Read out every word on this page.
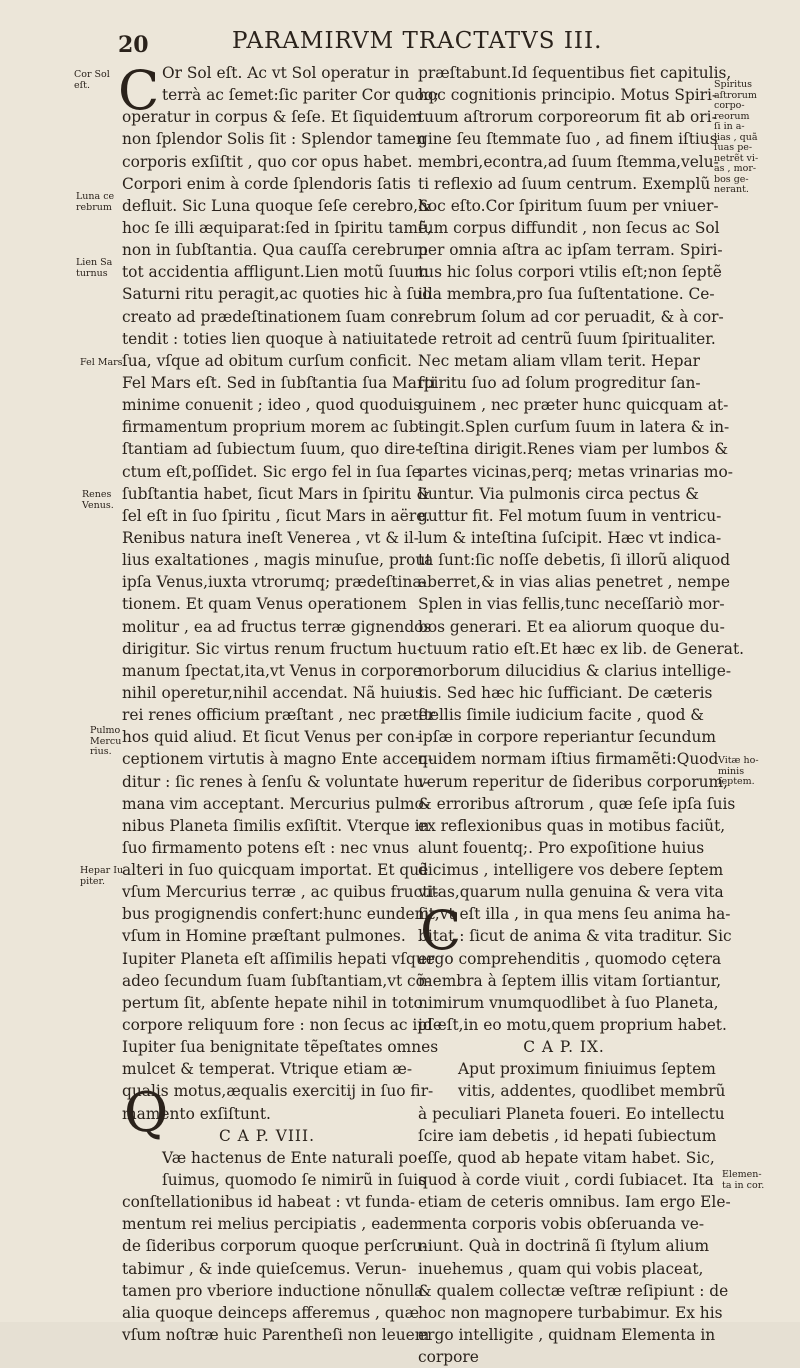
20	PARAMIRVM TRACTATVS III.
Or Sol eſt. Ac vt Sol operatur in
terrà ac ſemet:ſic pariter Cor quoq;
operatur in corpus & ſeſe. Et ſiquidem
non ſplendor Solis ſit : Splendor tamen
corporis exſiſtit , quo cor opus habet.
Corpori enim à corde ſplendoris ſatis
defluit. Sic Luna quoque ſeſe cerebro,&
hoc ſe illi æquiparat:ſed in ſpiritu tamẽ,
non in ſubſtantia. Qua cauſſa cerebrum
tot accidentia affligunt.Lien motũ ſuum
Saturni ritu peragit,ac quoties hic à ſuo
creato ad prædeſtinationem ſuam con-
tendit : toties lien quoque à natiuitate
ſua, vſque ad obitum curſum conficit.
Fel Mars eſt. Sed in ſubſtantia ſua Marti
minime conuenit ; ideo , quod quoduis
firmamentum proprium morem ac ſub-
ſtantiam ad ſubiectum ſuum, quo dire-
ctum eſt,poſſidet. Sic ergo fel in ſua ſe
ſubſtantia habet, ſicut Mars in ſpiritu &
ſel eſt in ſuo ſpiritu , ſicut Mars in aëre.
Renibus natura ineſt Venerea , vt & il-
lius exaltationes , magis minuſue, prout
ipſa Venus,iuxta vtrorumq; prædeſtina-
tionem. Et quam Venus operationem
molitur , ea ad fructus terræ gignendos
dirigitur. Sic virtus renum fructum hu-
manum ſpectat,ita,vt Venus in corpore
nihil operetur,nihil accendat. Nã huius
rei renes officium præſtant , nec præter
hos quid aliud. Et ſicut Venus per con-
ceptionem virtutis à magno Ente accen-
ditur : ſic renes à ſenſu & voluntate hu-
mana vim acceptant. Mercurius pulmo-
nibus Planeta ſimilis exſiſtit. Vterque in
ſuo firmamento potens eſt : nec vnus
alteri in ſuo quicquam importat. Et quẽ
vſum Mercurius terræ , ac quibus fructi-
bus progignendis confert:hunc eundem
vſum in Homine præſtant pulmones.
Iupiter Planeta eſt aſſimilis hepati vſque
adeo ſecundum ſuam ſubſtantiam,vt cõ-
pertum ſit, abſente hepate nihil in toto
corpore reliquum fore : non ſecus ac ipſe
Iupiter ſua benignitate tẽpeſtates omnes
mulcet & temperat. Vtrique etiam æ-
qualis motus,æqualis exercitij in ſuo fir-
mamento exſiſtunt.
C A P. VIII.
Væ hactenus de Ente naturali po-
ſuimus, quomodo ſe nimirũ in ſuis
conſtellationibus id habeat : vt funda-
mentum rei melius percipiatis , eadem
de ſideribus corporum quoque perſcru-
tabimur , & inde quieſcemus. Verun-
tamen pro vberiore inductione nõnulla
alia quoque deinceps afferemus , quæ
vſum noſtræ huic Parentheſi non leuem
præſtabunt.Id ſequentibus fiet capitulis,
hoc cognitionis principio. Motus Spiri-
tuum aſtrorum corporeorum fit ab ori-
gine ſeu ſtemmate ſuo , ad finem iſtius
membri,econtra,ad ſuum ſtemma,velu-
ti reflexio ad ſuum centrum. Exemplũ
hoc eſto.Cor ſpiritum ſuum per vniuer-
ſum corpus diffundit , non ſecus ac Sol
per omnia aſtra ac ipſam terram. Spiri-
tus hic ſolus corpori vtilis eſt;non ſeptẽ
illa membra,pro ſua ſuſtentatione. Ce-
rebrum ſolum ad cor peruadit, & à cor-
de retroit ad centrũ ſuum ſpiritualiter.
Nec metam aliam vllam terit. Hepar
ſpiritu ſuo ad ſolum progreditur ſan-
guinem , nec præter hunc quicquam at-
tingit.Splen curſum ſuum in latera & in-
teſtina dirigit.Renes viam per lumbos &
partes vicinas,perq; metas vrinarias mo-
liuntur. Via pulmonis circa pectus &
guttur fit. Fel motum ſuum in ventricu-
lum & inteſtina ſuſcipit. Hæc vt indica-
ta ſunt:ſic noſſe debetis, ſi illorũ aliquod
aberret,& in vias alias penetret , nempe
Splen in vias fellis,tunc neceſſariò mor-
bos generari. Et ea aliorum quoque du-
ctuum ratio eſt.Et hæc ex lib. de Generat.
morborum dilucidius & clarius intellige-
tis. Sed hæc hic ſufficiant. De cæteris
ſtellis ſimile iudicium facite , quod &
ipſæ in corpore reperiantur ſecundum
quidem normam iſtius firmamẽti:Quod
verum reperitur de ſideribus corporum,
& erroribus aſtrorum , quæ ſeſe ipſa ſuis
ex reflexionibus quas in motibus faciũt,
alunt fouentq;. Pro expoſitione huius
dicimus , intelligere vos debere ſeptem
vitas,quarum nulla genuina & vera vita
ſit,vt eſt illa , in qua mens ſeu anima ha-
bitat : ſicut de anima & vita traditur. Sic
ergo comprehenditis , quomodo cętera
membra à ſeptem illis vitam ſortiantur,
nimirum vnumquodlibet à ſuo Planeta,
id eſt,in eo motu,quem proprium habet.
C A P. IX.
Aput proximum finiuimus ſeptem
vitis, addentes, quodlibet membrũ
à peculiari Planeta foueri. Eo intellectu
ſcire iam debetis , id hepati ſubiectum
eſſe, quod ab hepate vitam habet. Sic,
quod à corde viuit , cordi ſubiacet. Ita
etiam de ceteris omnibus. Iam ergo Ele-
menta corporis vobis obſeruanda ve-
niunt. Quà in doctrinã ſi ſtylum alium
inuehemus , quam qui vobis placeat,
& qualem collectæ veſtræ reſipiunt : de
hoc non magnopere turbabimur. Ex his
ergo intelligite , quidnam Elementa in
corpore
C
Q
C
Cor Sol
eſt.
Luna ce
rebrum
Lien Sa
turnus
Fel Mars
Renes
Venus.
Pulmo
Mercu
rius.
Hepar Iu
piter.
Spiritus
aſtrorum
corpo-
reorum
ſi in a-
lias , quã
ſuas pe-
netrẽt vi-
as , mor-
bos ge-
nerant.
Vitæ ho-
minis
ſeptem.
Elemen-
ta in cor.
